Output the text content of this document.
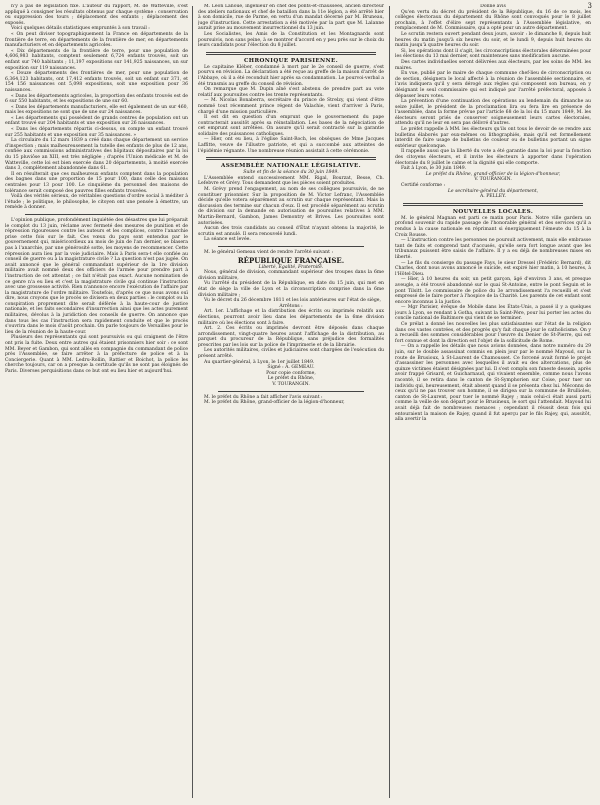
3

n'y a pas de législation fixe. L'auteur du rapport, M. de Watteville, s'est appliqué à consigner les résultats obtenus par chaque système : conservation ou suppression des tours ; déplacement des enfants ; déplacement des exposés.

Voici quelques détails statistiques empruntés à son travail :

« On peut diviser topographiquement la France en départements de la frontière de terre, en départements de la frontière de mer, en départements manufacturiers et en départements agricoles.

« Dix départements de la frontière de terre, pour une population de 4,606,983 habitants, comptent seulement 6,724 enfants trouvés, soit un enfant sur 740 habitants ; 11,197 expositions sur 141,925 naissances, un sur exposition sur 119 naissances.

« Douze départements des frontières de mer, pour une population de 6,364,123 habitants, ont 17,412 enfants trouvés, soit un enfant sur 371, et 154 156 naissances ont 5,098 expositions, soit une exposition pour 36 naissances.

« Dans les départements agricoles, la proportion des enfants trouvés est de 6 sur 550 habitants, et les expositions de une sur 60.

« Dans les départements manufacturiers, elle est également de un sur 460, mais les expositions ne sont que de une sur 24 naissances.

« Les départements qui possèdent de grands centres de population ont un enfant trouvé sur 204 habitants et une exposition sur 26 naissances.

« Dans les départements répartis ci-dessus, on compte un enfant trouvé sur 255 habitants et une exposition sur 35 naissances. »

La circulaire du 12 mars 1839 a créé dans chaque département un service d'inspection ; mais malheureusement la tutelle des enfants de plus de 12 ans, confiée aux commissions administratives des hôpitaux dépositaires par la loi du 15 pluviôse an XIII, est très négligée ; d'après l'Union médicale et M. de Watteville, cette loi est bien exercée dans 20 départements, à moitié exercée dans 3, complètement abandonnée dans 61.

Il en résulterait que ces malheureux enfants comptent dans la population des bagnes dans une proportion de 15 pour 100, dans celle des maisons centrales pour 13 pour 100. Le cinquième du personnel des maisons de tolérance serait composé des pauvres filles enfants trouvées.

Voilà des vérités sérieux, de véritables questions d'ordre social à méditer à l'étude ; le politique, le philosophe, le citoyen ont une pensée à émettre, un remède à donner.

L'opinion publique, profondément inquiétée des désastres que lui préparait le complot du 13 juin, réclame avec fermeté des mesures de punition et de répression rigoureuses contre les auteurs et les complices, contre l'anarchie prise cette fois sur le fait. Ces vœux du pays sont entendus par le gouvernement qui, miséricordieux au mois de juin de l'an dernier, se blasera pas à l'anarchie, par une générosité sotte, les moyens de recommencer. Cette répression aura lieu par la voie judiciaire. Mais à Paris sera-t elle confiée au conseil de guerre ou à la magistrature civile ? La question n'est pas jugée. On avait annoncé que le général commandant supérieur de la 1re division militaire avait nommé deux des officiers de l'armée pour prendre part à l'instruction de cet attentat ; ce fait n'était pas exact. Aucune nomination de ce genre n'a eu lieu et c'est la magistrature civile qui continue l'instruction avec une grossesse activité. Rien n'annonce encore l'exécution de l'affaire par la magistrature de l'ordre militaire. Toutefois, d'après ce que nous avons ouï dire, nous croyons que le procès se divisera en deux parties : le complot ou la conspiration proprement dite serait déférée à la haute-cour de justice nationale, et les faits secondaires d'insurrection ainsi que les actes purement militaires, dévolus à la juridiction des conseils de guerre. On annonce que dans tous les cas l'instruction sera rapidement conduite et que le procès s'ouvrira dans le mois d'août prochain. On parle toujours de Versailles pour le lieu de la réunion de la haute-cour.

Plusieurs des représentants qui sont poursuivis ou qui craignent de l'être ont pris la fuite. Deux entre autres qui étaient prisonniers hier soir : ce sont MM. Beyer et Gambon, qui sont allés en compagnie du commandant de police près l'Assemblée, se faire arrêter à la préfecture de police et à la Conciergerie. Quant à MM. Ledru-Rollin, Rattier et Boichot, la police les cherche toujours, car on a presque la certitude qu'ils ne sont pas éloignés de Paris. Diverses perquisitions dans ce but ont eu lieu hier et aujourd'hui.

M. Léon Lanoue, ingénieur en chef des ponts-et-chaussées, ancien directeur des ateliers nationaux et chef de bataillon dans la 11e légion, a été arrêté hier à son domicile, rue de Parme, en vertu d'un mandat décerné par M. Bruneau, juge d'instruction. Cette arrestation a été motivée par la part que M. Lalanne aurait prise au mouvement insurrectionnel du 13 juin.

Les Socialistes, les Amis de la Constitution et les Montagnards sont poursuivis, non sans peine, à se montrer d'accord en y peu près sur le choix du leurs candidats pour l'élection du 8 juillet.

CHRONIQUE PARISIENNE.

Le capitaine Kléber, condamné à mort par le 2e conseil de guerre, s'est pourvu en révision. La déclaration a été reçue au greffe de la maison d'arrêt de l'Abbaye, où il a été reconduit hier après sa condamnation. Le pourvoi-verbal a été transmis au greffe du conseil de révision.

On remarque que M. Dupin aîné s'est abstenu de prendre part au vote relatif aux poursuites contre les trente représentants.

— M. Nicolas Bonaberra, secrétaire du prince de Strelzy, qui vient d'être nommé tout récemment prince régent de Valachie, vient d'arriver à Paris, chargé d'une mission particulière.

Il est dit en question d'un emprunt que le gouvernement du pape contracterait aussitôt après sa réinstallation. Les bases de la négociation de cet emprunt sont arrêtées. On assure qu'il serait contracté sur la garantie solidaire des puissances catholiques.

— Hier, ont eu lieu, à l'église Saint-Roch, les obsèques de Mme Jacques Laffitte, veuve de l'illustre patriote, et qui a succombé aux atteintes de l'épidémie régnante. Une nombreuse réunion assistait à cette cérémonie.

ASSEMBLÉE NATIONALE LÉGISLATIVE.

Suite et fin de la séance du 30 juin 1849.

L'Assemblée entend successivement MM. Rigal, Bourzat, Besse, Ch. Lefebvre et Grévy. Tous demandent que les pièces soient produites.

M. Grévy prend l'engagement, au nom de ses collègues poursuivis, de ne constituer prisonnier. Sur la proposition de M. Victor Lefranc, l'Assemblée décide qu'elle votera séparément au scrutin sur chaque représentant. Mais la discussion des termine sur chacun d'eux. Il est procédé séparément au scrutin de division sur la demande en autorisation de poursuites relatives à MM. Martin-Bernard, Gambon, James Demontry et Brives. Les poursuites sont autorisées.

Aucun des trois candidats au conseil d'État n'ayant obtenu la majorité, le scrutin est annulé. Il sera renouvelé lundi.

La séance est levée.

M. le général Gemeau vient de rendre l'arrêté suivant :

RÉPUBLIQUE FRANÇAISE.

Liberté, Égalité, Fraternité.

Nous, général de division, commandant supérieur des troupes dans la 6me division militaire,

Vu l'arrêté du président de la République, en date du 15 juin, qui met en état de siège la ville de Lyon et la circonscription comprise dans la 6me division militaire ;

Vu le décret du 26 décembre 1811 et les lois antérieures sur l'état de siège,

Arrêtons :

Art. 1er. L'affichage et la distribution des écrits ou imprimés relatifs aux élections, pourront avoir lieu dans les départements de la 6me division militaire où les élections sont à faire.

Art. 2. Ces écrits ou imprimés devront être déposés dans chaque arrondissement, vingt-quatre heures avant l'affichage de la distribution, au parquet du procureur de la République, sans préjudice des formalités prescrites par les lois sur la police de l'imprimerie et de la librairie.

Les autorités militaires, civiles et judiciaires sont chargées de l'exécution du présent arrêté.

Au quartier-général, à Lyon, le 1er juillet 1849.

Signé : A. GEMEAU.

Pour copie conforme,

Le préfet du Rhône,

V. TOURANGIN.

M. le préfet du Rhône a fait afficher l'avis suivant :

M. le préfet du Rhône, grand-officier de la légion-d'honneur,

Donne avis

Qu'en vertu du décret du président de la République, du 16 de ce mois, les collèges électoraux du département du Rhône sont convoqués pour le 8 juillet prochain, à l'effet d'élire sept représentants à l'Assemblée législative, en remplacement de M. Commissaire, qui a opté pour un autre département.

Le scrutin restera ouvert pendant deux jours, savoir : le dimanche 8, depuis huit heures du matin jusqu'à six heures du soir, et le lundi 9, depuis huit heures du matin jusqu'à quatre heures du soir.

Si, les opérations dont il s'agit, les circonscriptions électorales déterminées pour les élections du 13 mai dernier, sont maintenues sans modification aucune.

Des cartes individuelles seront délivrées aux électeurs, par les soins de MM. les maires.

En vue, publié par le maire de chaque commune chef-lieu de circonscription ou de section, désignera le local affecté à la réunion de l'assemblée sectionnaire, et l'avis indiquera qu'il y sera dérogé aux règles qui composent son bureau, en y désignant le seul commissaire qui est indiqué par l'arrêté préfectoral, apposés à dépasser leurs votes.

La prévention d'une continuation des opérations au lendemain du dimanche au seize juillet, le président de la proclamation lira ou fera lire en présence de l'assemblée, dans la forme prévue par l'article 68 de la loi du 15 mars 1849, M. les électeurs seront priés de conserver soigneusement leurs cartes électorales, attendu qu'il ne leur en sera pas délivré d'autres.

Le préfet rappelle à MM. les électeurs qu'ils ont tous le devoir de se rendre aux bulletins élaborés par eux-mêmes ou lithographiés, mais qu'il est formellement interdit de faire usage de bulletins de couleur ou de bulletins portant un signe extérieur quelconque.

Il rappelle aussi que la liberté du vote a été garantie dans la loi pour la fonction des citoyens électeurs, et il invite les électeurs à apporter dans l'opération électorale du 8 juillet le calme et la dignité qui elle comporte.

Fait à Lyon, le 30 juin 1849.

Le préfet du Rhône, grand-officier de la légion-d'honneur,

V. TOURANGIN.

Certifié conforme :

Le secrétaire-général du département,

A. PELLEY.

NOUVELLES LOCALES.

M. le général Magnan est parti ce matin pour Paris. Notre ville gardera un profond souvenir du rapide passage de l'honorable général et des services qu'il a rendus à la cause nationale en réprimant si énergiquement l'émeute du 15 à la Croix Rousse.

— L'instruction contre les personnes ne poursuit activement, mais elle embrasse tant de faits et comprend tant d'accusés, qu'elle sera fort longue avant que les tribunaux puissent être saisis de l'affaire. Il y a eu déjà de nombreuses mises en liberté.

— Le fils du consierge du passage Fays, le sieur Dressel (Frédéric Bernard), dit Charles, dont nous avons annoncé le suicide, est expiré hier matin, à 10 heures, à l'Hôtel-Dieu.

— Hier, à 10 heures du soir, un petit garçon, âgé d'environ 3 ans, et presque aveugle, a été trouvé abandonné sur le quai St-Antoine, entre le pont Seguin et le pont Tilsitt. Le commissaire de police du 3e arrondissement l'a recueilli et s'est empressé de le faire porter à l'hospice de la Charité. Les parents de cet enfant sont encore inconnus à la justice.

— Mgr Parisier, évêque de Mobile dans les États-Unis, a passé il y a quelques jours à Lyon, se rendant à Gotha, suivant la Saint-Père, pour lui porter les actes du concile national de Baltimore qui vient de se terminer.

Ce prélat a donné les nouvelles les plus satisfaisantes sur l'état de la religion dans ces vastes contrées, et des progrès qu'y fait chaque jour le catholicisme. On y a recueilli des sommes considérables pour l'œuvre du Denier de St-Pierre, qui est fort connue et dont la direction est l'objet de la sollicitude de Rome.

— On a rappelle les détails que nous avions données, dans notre numéro du 29 juin, sur le double assassinat commis en plein jour par le nommé Mayoud, sur la route de Brusioux, à St-Laurent de Chamousset. Ce forcené avait formé le projet d'assassiner les personnes avec lesquelles il avait eu des altercations, plus de quinze victimes étaient désignées par lui. Il s'est complu son funeste dessein, après avoir frappé Grisard, et Guicharnaud, qui vivaient ensemble, comme nous l'avons raconté, il se retira dans le canton de St-Symphorien sur Coise, pour tuer un individu qui, heureusement, était absent quand il se présenta chez lui. Méconnu de ceux qu'il ne pas trouver son homme, il se dirigea sur la commune de Brullioles, canton de St-Laurent, pour tuer le nommé Rajey ; mais celui-ci était aussi parti comme la veille de son départ pour le Brusineux, le sort qui l'attendait. Mayoud lui avait déjà fait de nombreuses menaces ; cependant il réussit deux fois qui entouraient la maison de Rajey, quand il fut aperçu par le fils Rajey, qui, aussitôt, alla avertir la
